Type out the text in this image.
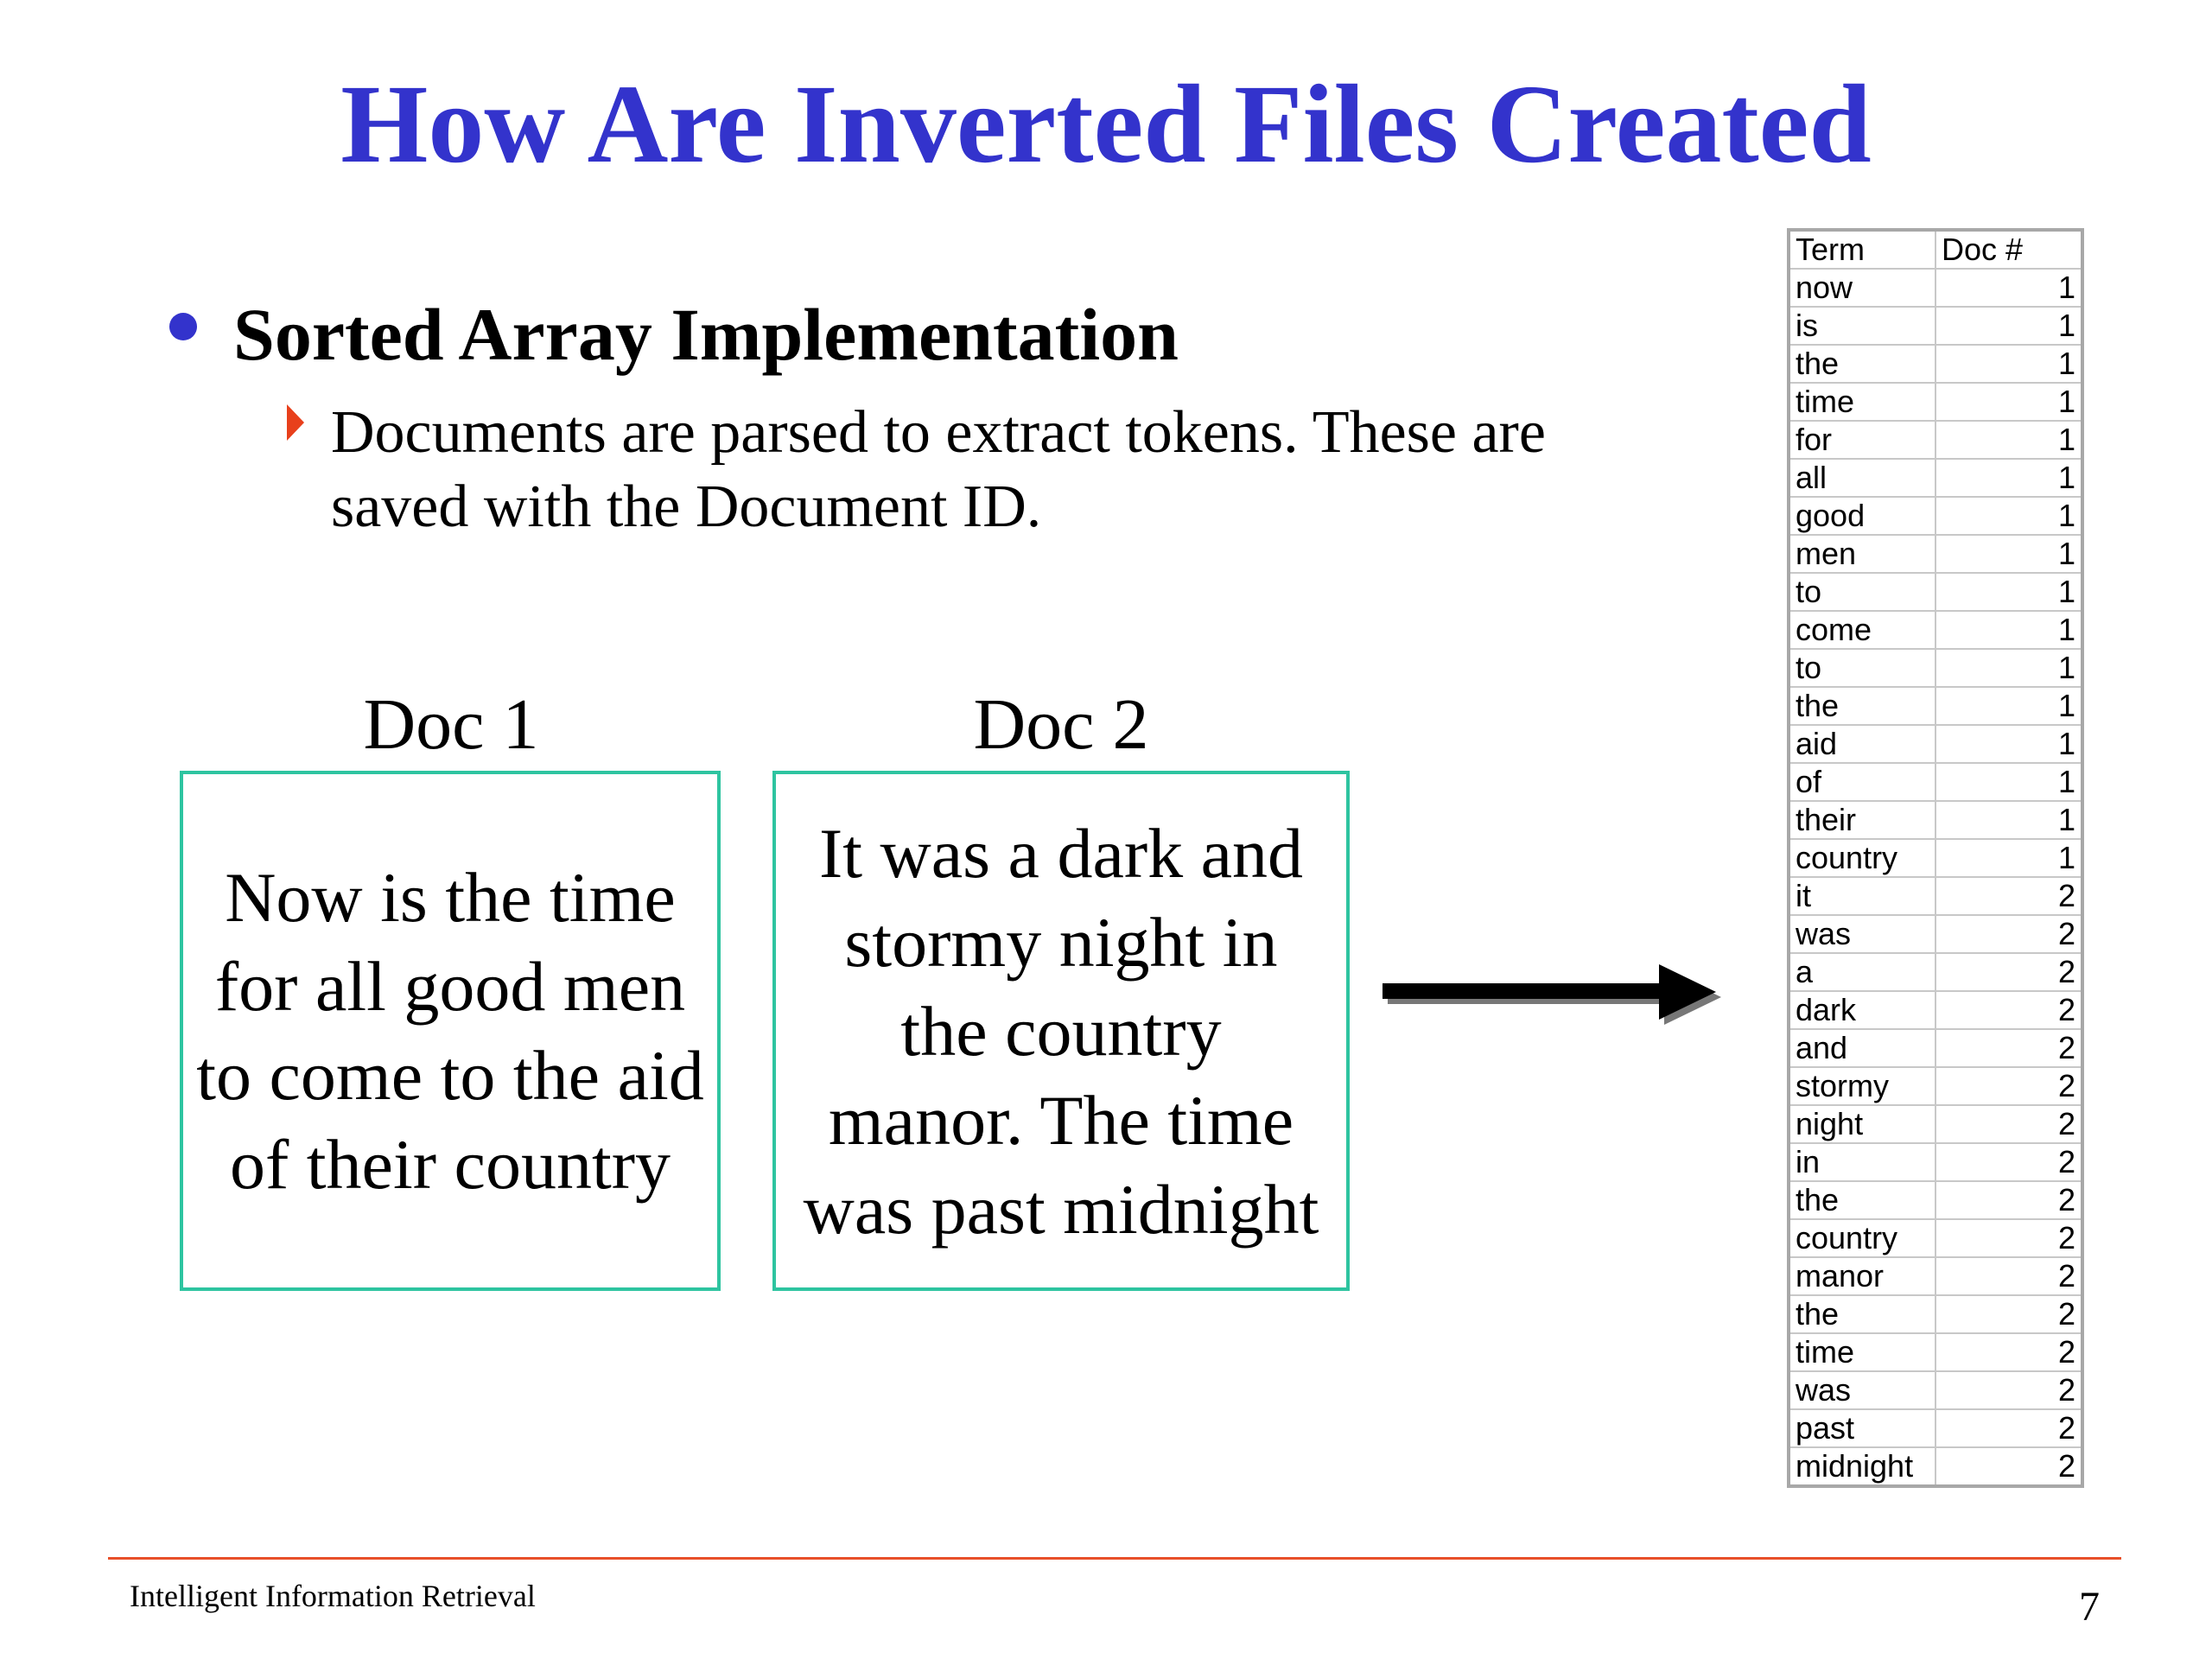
How Are Inverted Files Created
Sorted Array Implementation
Documents are parsed to extract tokens. These are saved with the Document ID.
Doc 1
Now is the time
for all good men
to come to the aid
of their country
Doc 2
It was a dark and
stormy night in
the country
manor. The time
was past midnight
Term	Doc #
now	1
is	1
the	1
time	1
for	1
all	1
good	1
men	1
to	1
come	1
to	1
the	1
aid	1
of	1
their	1
country	1
it	2
was	2
a	2
dark	2
and	2
stormy	2
night	2
in	2
the	2
country	2
manor	2
the	2
time	2
was	2
past	2
midnight	2
Intelligent Information Retrieval	7
